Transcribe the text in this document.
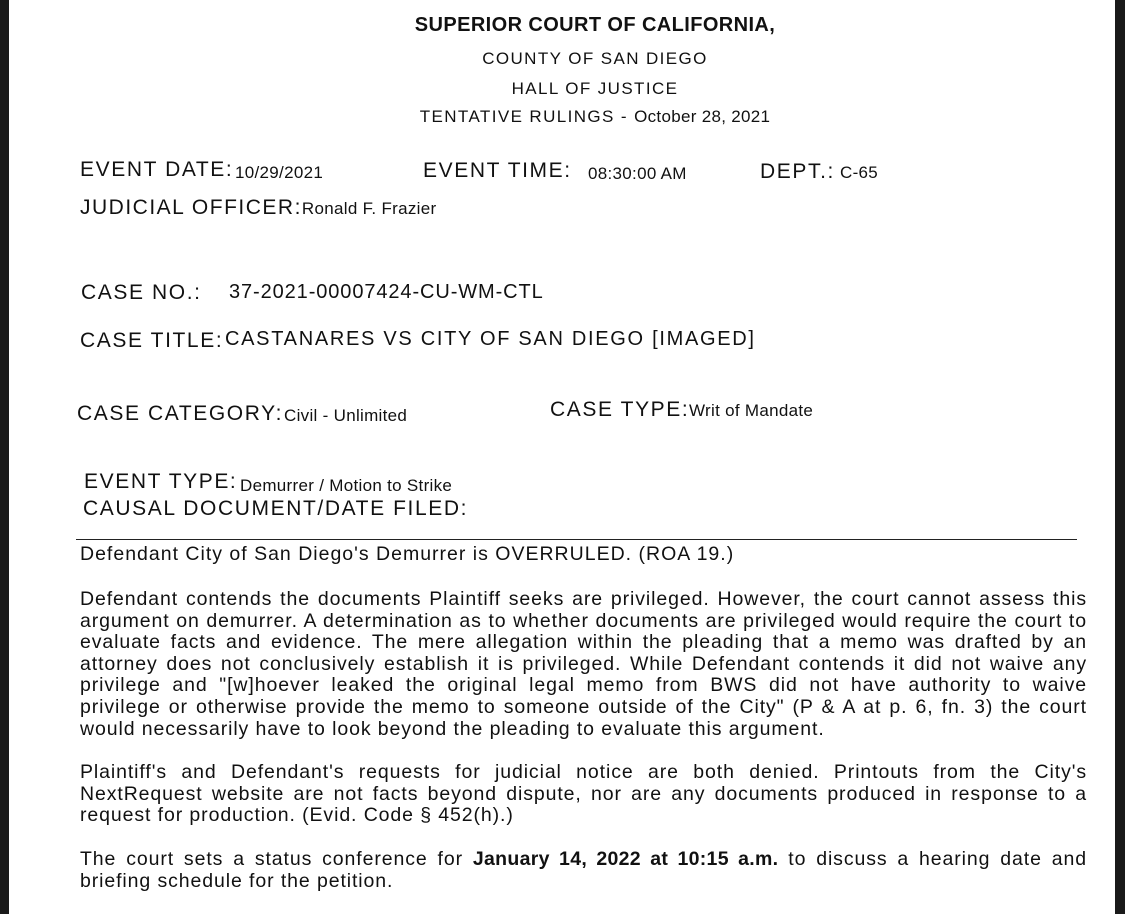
SUPERIOR COURT OF CALIFORNIA,
COUNTY OF SAN DIEGO
HALL OF JUSTICE
TENTATIVE RULINGS - October 28, 2021
EVENT DATE: 10/29/2021	EVENT TIME: 08:30:00 AM	DEPT.: C-65
JUDICIAL OFFICER:Ronald F. Frazier
CASE NO.: 37-2021-00007424-CU-WM-CTL
CASE TITLE: CASTANARES VS CITY OF SAN DIEGO [IMAGED]
CASE CATEGORY: Civil - Unlimited	CASE TYPE: Writ of Mandate
EVENT TYPE: Demurrer / Motion to Strike
CAUSAL DOCUMENT/DATE FILED:
Defendant City of San Diego's Demurrer is OVERRULED. (ROA 19.)

Defendant contends the documents Plaintiff seeks are privileged. However, the court cannot assess this argument on demurrer. A determination as to whether documents are privileged would require the court to evaluate facts and evidence. The mere allegation within the pleading that a memo was drafted by an attorney does not conclusively establish it is privileged. While Defendant contends it did not waive any privilege and "[w]hoever leaked the original legal memo from BWS did not have authority to waive privilege or otherwise provide the memo to someone outside of the City" (P & A at p. 6, fn. 3) the court would necessarily have to look beyond the pleading to evaluate this argument.

Plaintiff's and Defendant's requests for judicial notice are both denied. Printouts from the City's NextRequest website are not facts beyond dispute, nor are any documents produced in response to a request for production. (Evid. Code § 452(h).)

The court sets a status conference for January 14, 2022 at 10:15 a.m. to discuss a hearing date and briefing schedule for the petition.
